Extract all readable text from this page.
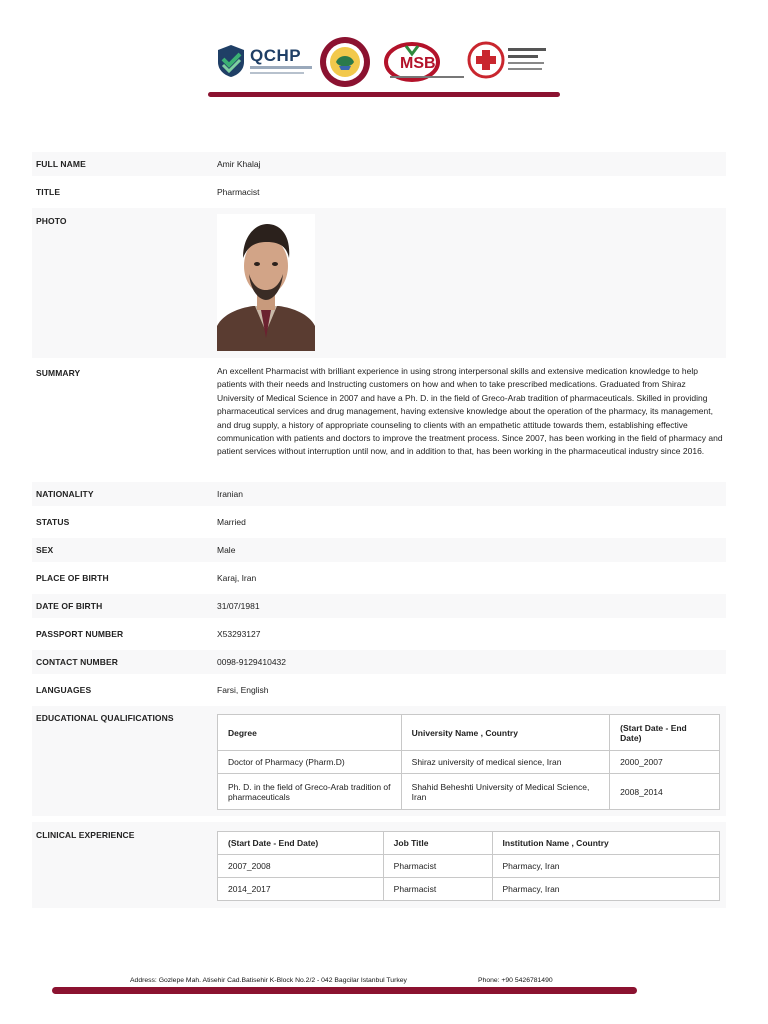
QCHP	MSB
FULL NAME	Amir Khalaj
TITLE	Pharmacist
PHOTO
SUMMARY	An excellent Pharmacist with brilliant experience in using strong interpersonal skills and extensive medication knowledge to help patients with their needs and Instructing customers on how and when to take prescribed medications. Graduated from Shiraz University of Medical Science in 2007 and have a Ph. D. in the field of Greco-Arab tradition of pharmaceuticals. Skilled in providing pharmaceutical services and drug management, having extensive knowledge about the operation of the pharmacy, its management, and drug supply, a history of appropriate counseling to clients with an empathetic attitude towards them, establishing effective communication with patients and doctors to improve the treatment process. Since 2007, has been working in the field of pharmacy and patient services without interruption until now, and in addition to that, has been working in the pharmaceutical industry since 2016.
NATIONALITY	Iranian
STATUS	Married
SEX	Male
PLACE OF BIRTH	Karaj, Iran
DATE OF BIRTH	31/07/1981
PASSPORT NUMBER	X53293127
CONTACT NUMBER	0098-9129410432
LANGUAGES	Farsi, English
EDUCATIONAL QUALIFICATIONS
CLINICAL EXPERIENCE
Degree	University Name , Country	(Start Date - End Date)
Doctor of Pharmacy (Pharm.D)	Shiraz university of medical sience, Iran	2000_2007
Ph. D. in the field of Greco-Arab tradition of pharmaceuticals	Shahid Beheshti University of Medical Science, Iran	2008_2014
(Start Date - End Date)	Job Title	Institution Name , Country
2007_2008	Pharmacist	Pharmacy, Iran
2014_2017	Pharmacist	Pharmacy, Iran
Address: Gozlepe Mah. Atisehir Cad.Batisehir K-Block No.2/2 - 042 Bagcilar Istanbul Turkey	Phone: +90 5426781490
